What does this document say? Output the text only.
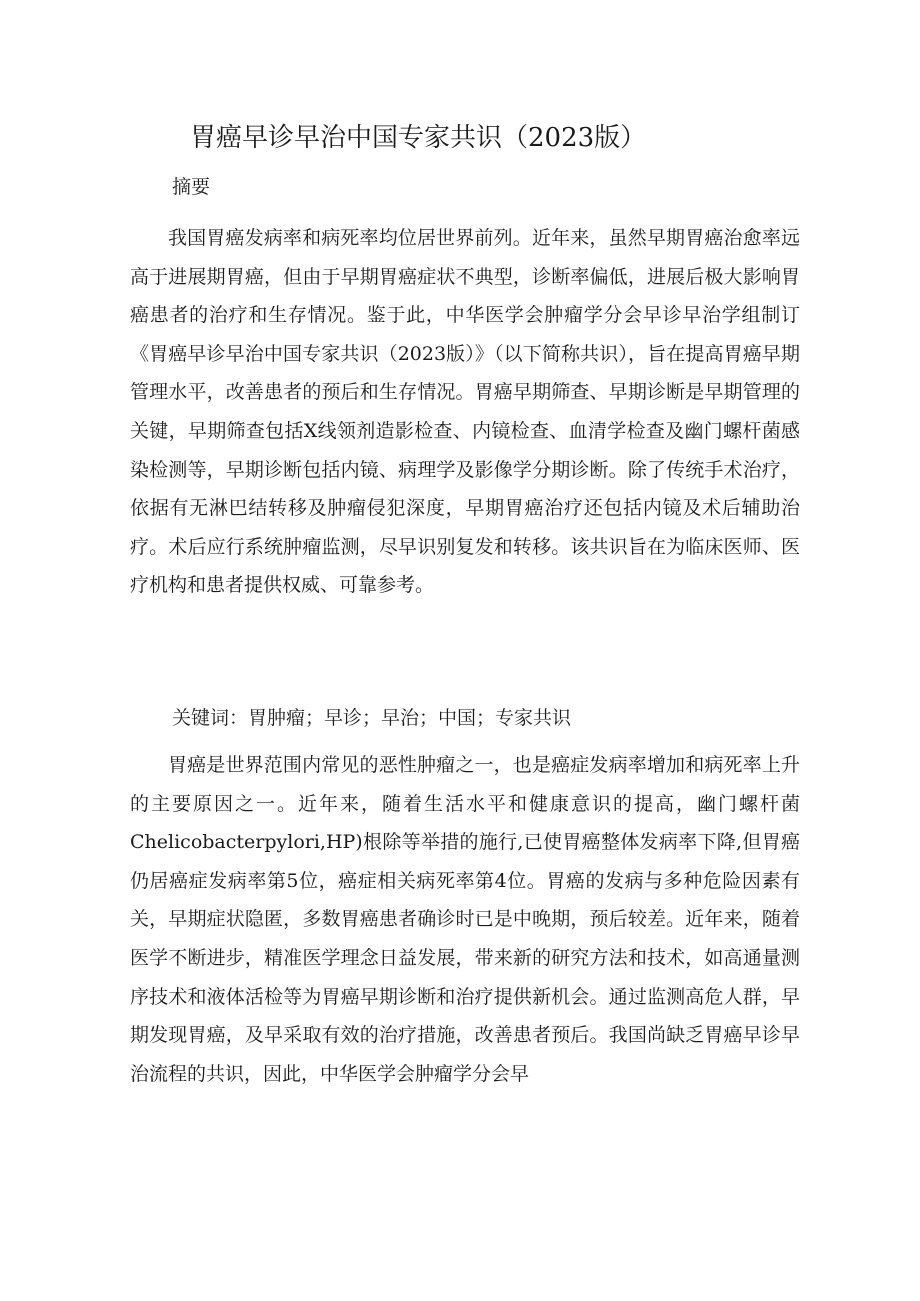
胃癌早诊早治中国专家共识（2023版）
摘要

我国胃癌发病率和病死率均位居世界前列。近年来，虽然早期胃癌治愈率远高于进展期胃癌，但由于早期胃癌症状不典型，诊断率偏低，进展后极大影响胃癌患者的治疗和生存情况。鉴于此，中华医学会肿瘤学分会早诊早治学组制订《胃癌早诊早治中国专家共识（2023版）》（以下简称共识），旨在提高胃癌早期管理水平，改善患者的预后和生存情况。胃癌早期筛查、早期诊断是早期管理的关键，早期筛查包括X线领剂造影检查、内镜检查、血清学检查及幽门螺杆菌感染检测等，早期诊断包括内镜、病理学及影像学分期诊断。除了传统手术治疗，依据有无淋巴结转移及肿瘤侵犯深度，早期胃癌治疗还包括内镜及术后辅助治疗。术后应行系统肿瘤监测，尽早识别复发和转移。该共识旨在为临床医师、医疗机构和患者提供权威、可靠参考。

关键词：胃肿瘤；早诊；早治；中国；专家共识

胃癌是世界范围内常见的恶性肿瘤之一，也是癌症发病率增加和病死率上升的主要原因之一。近年来，随着生活水平和健康意识的提高，幽门螺杆菌Chelicobacterpylori,HP)根除等举措的施行,已使胃癌整体发病率下降,但胃癌仍居癌症发病率第5位，癌症相关病死率第4位。胃癌的发病与多种危险因素有关，早期症状隐匿，多数胃癌患者确诊时已是中晚期，预后较差。近年来，随着医学不断进步，精准医学理念日益发展，带来新的研究方法和技术，如高通量测序技术和液体活检等为胃癌早期诊断和治疗提供新机会。通过监测高危人群，早期发现胃癌，及早采取有效的治疗措施，改善患者预后。我国尚缺乏胃癌早诊早治流程的共识，因此，中华医学会肿瘤学分会早
